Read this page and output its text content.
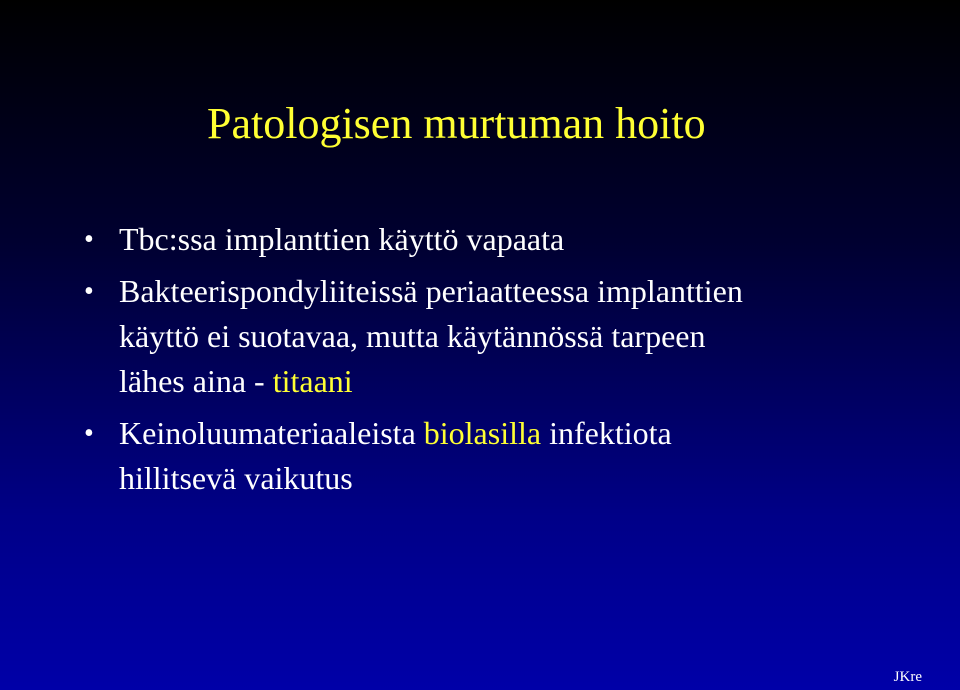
Patologisen murtuman hoito
• Tbc:ssa implanttien käyttö vapaata
• Bakteerispondyliiteissä periaatteessa implanttien
käyttö ei suotavaa, mutta käytännössä tarpeen
lähes aina - titaani
• Keinoluumateriaaleista biolasilla infektiota
hillitsevä vaikutus
JKre
